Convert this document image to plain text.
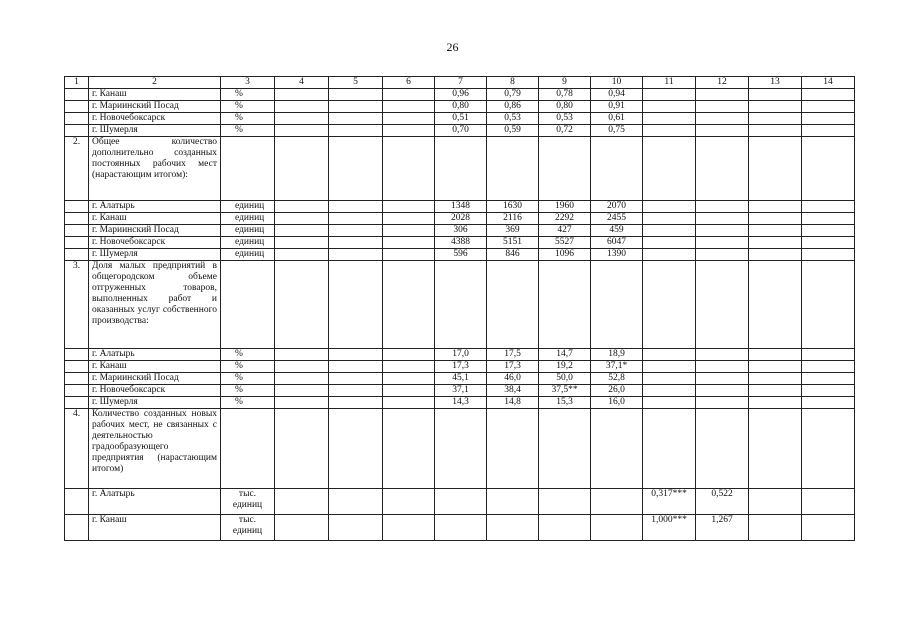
26
1	2	3	4	5	6	7	8	9	10	11	12	13	14
	г. Канаш	%				0,96	0,79	0,78	0,94				
	г. Мариинский Посад	%				0,80	0,86	0,80	0,91				
	г. Новочебоксарск	%				0,51	0,53	0,53	0,61				
	г. Шумерля	%				0,70	0,59	0,72	0,75				
2.	Общее количество дополнительно созданных постоянных рабочих мест (нарастающим итогом):												
	г. Алатырь	единиц				1348	1630	1960	2070				
	г. Канаш	единиц				2028	2116	2292	2455				
	г. Мариинский Посад	единиц				306	369	427	459				
	г. Новочебоксарск	единиц				4388	5151	5527	6047				
	г. Шумерля	единиц				596	846	1096	1390				
3.	Доля малых предприятий в общегородском объеме отгруженных товаров, выполненных работ и оказанных услуг собственного производства:												
	г. Алатырь	%				17,0	17,5	14,7	18,9				
	г. Канаш	%				17,3	17,3	19,2	37,1*				
	г. Мариинский Посад	%				45,1	46,0	50,0	52,8				
	г. Новочебоксарск	%				37,1	38,4	37,5**	26,0				
	г. Шумерля	%				14,3	14,8	15,3	16,0				
4.	Количество созданных новых рабочих мест, не связанных с деятельностью градообразующего предприятия (нарастающим итогом)												
	г. Алатырь	тыс. единиц								0,317***	0,522		
	г. Канаш	тыс. единиц								1,000***	1,267		
